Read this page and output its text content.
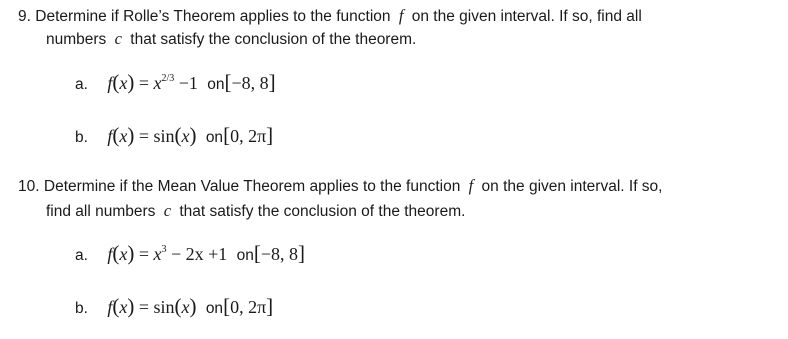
9. Determine if Rolle’s Theorem applies to the function f on the given interval. If so, find all
numbers c that satisfy the conclusion of the theorem.
a. $f(x) = x^{2/3} -1$ on[−8, 8]
b. f(x) = sin(x) on[0, 2π]
10. Determine if the Mean Value Theorem applies to the function f on the given interval. If so,
find all numbers c that satisfy the conclusion of the theorem.
a. $f(x) = x^3 - 2x +1$ on[−8, 8]
b. f(x) = sin(x) on[0, 2π]
